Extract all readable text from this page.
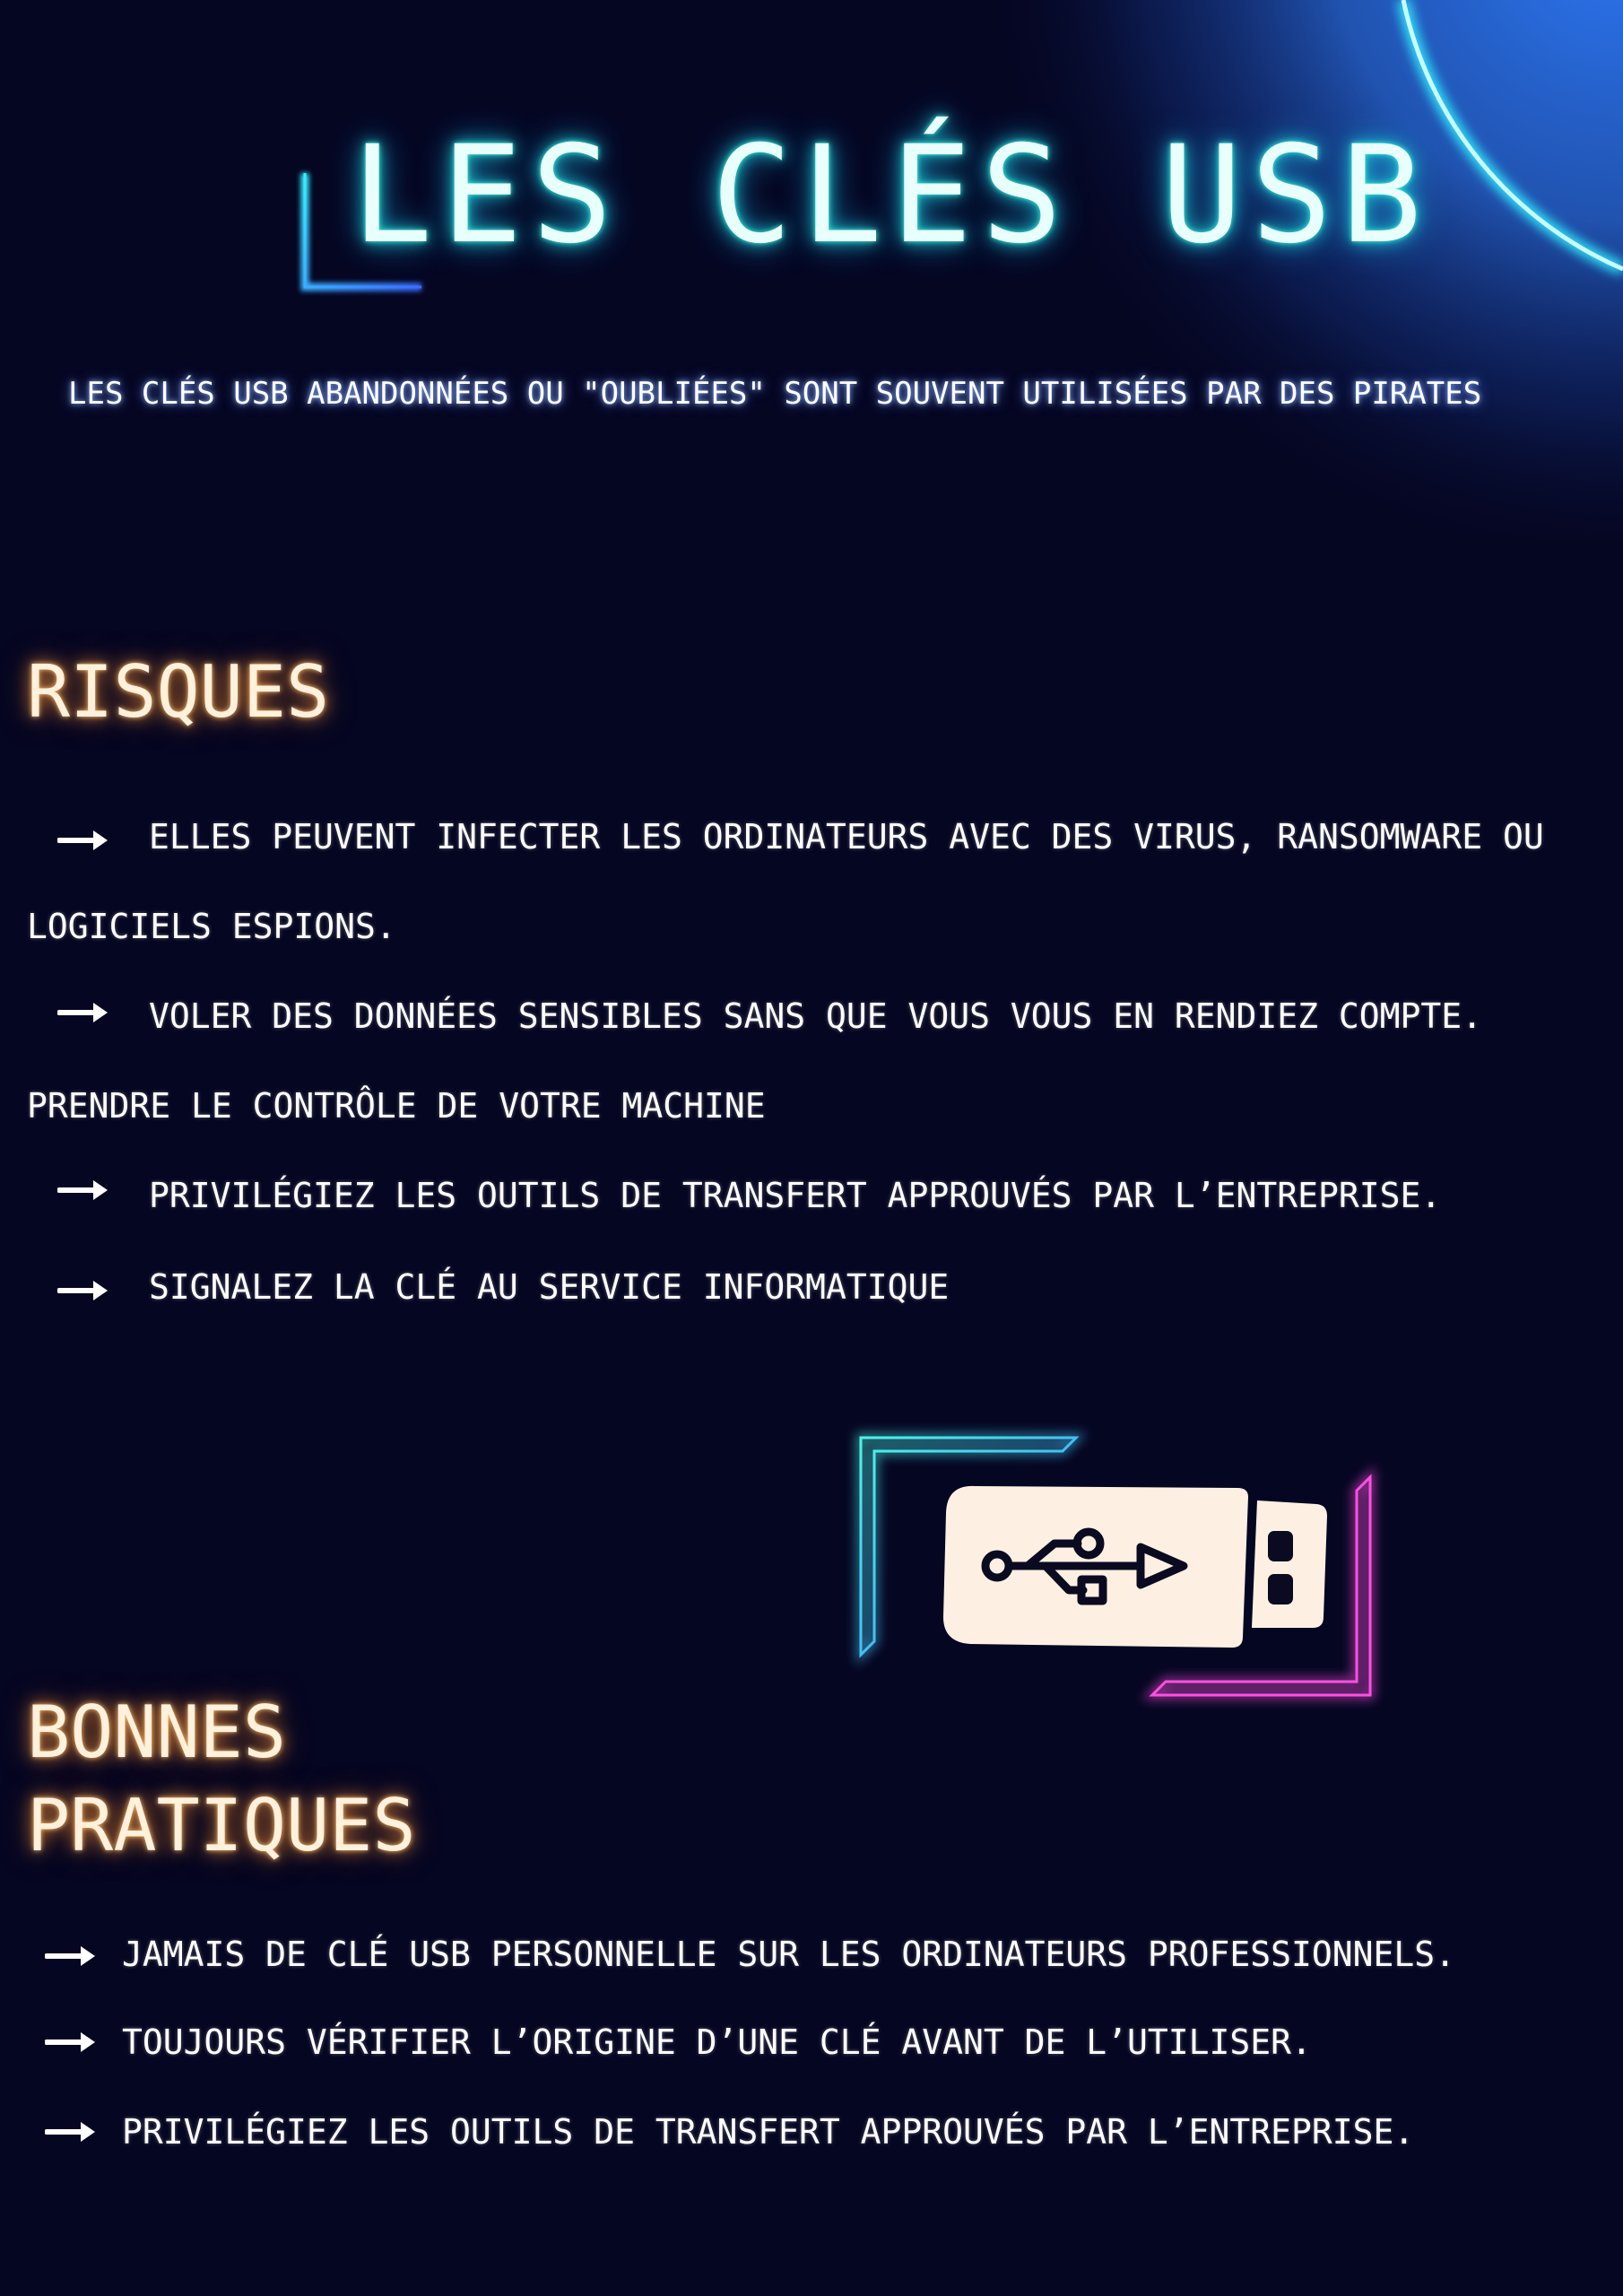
LES CLÉS USB
LES CLÉS USB ABANDONNÉES OU "OUBLIÉES" SONT SOUVENT UTILISÉES PAR DES PIRATES
RISQUES
ELLES PEUVENT INFECTER LES ORDINATEURS AVEC DES VIRUS, RANSOMWARE OU
LOGICIELS ESPIONS.
VOLER DES DONNÉES SENSIBLES SANS QUE VOUS VOUS EN RENDIEZ COMPTE.
PRENDRE LE CONTRÔLE DE VOTRE MACHINE
PRIVILÉGIEZ LES OUTILS DE TRANSFERT APPROUVÉS PAR L’ENTREPRISE.
SIGNALEZ LA CLÉ AU SERVICE INFORMATIQUE
BONNES
PRATIQUES
JAMAIS DE CLÉ USB PERSONNELLE SUR LES ORDINATEURS PROFESSIONNELS.
TOUJOURS VÉRIFIER L’ORIGINE D’UNE CLÉ AVANT DE L’UTILISER.
PRIVILÉGIEZ LES OUTILS DE TRANSFERT APPROUVÉS PAR L’ENTREPRISE.
